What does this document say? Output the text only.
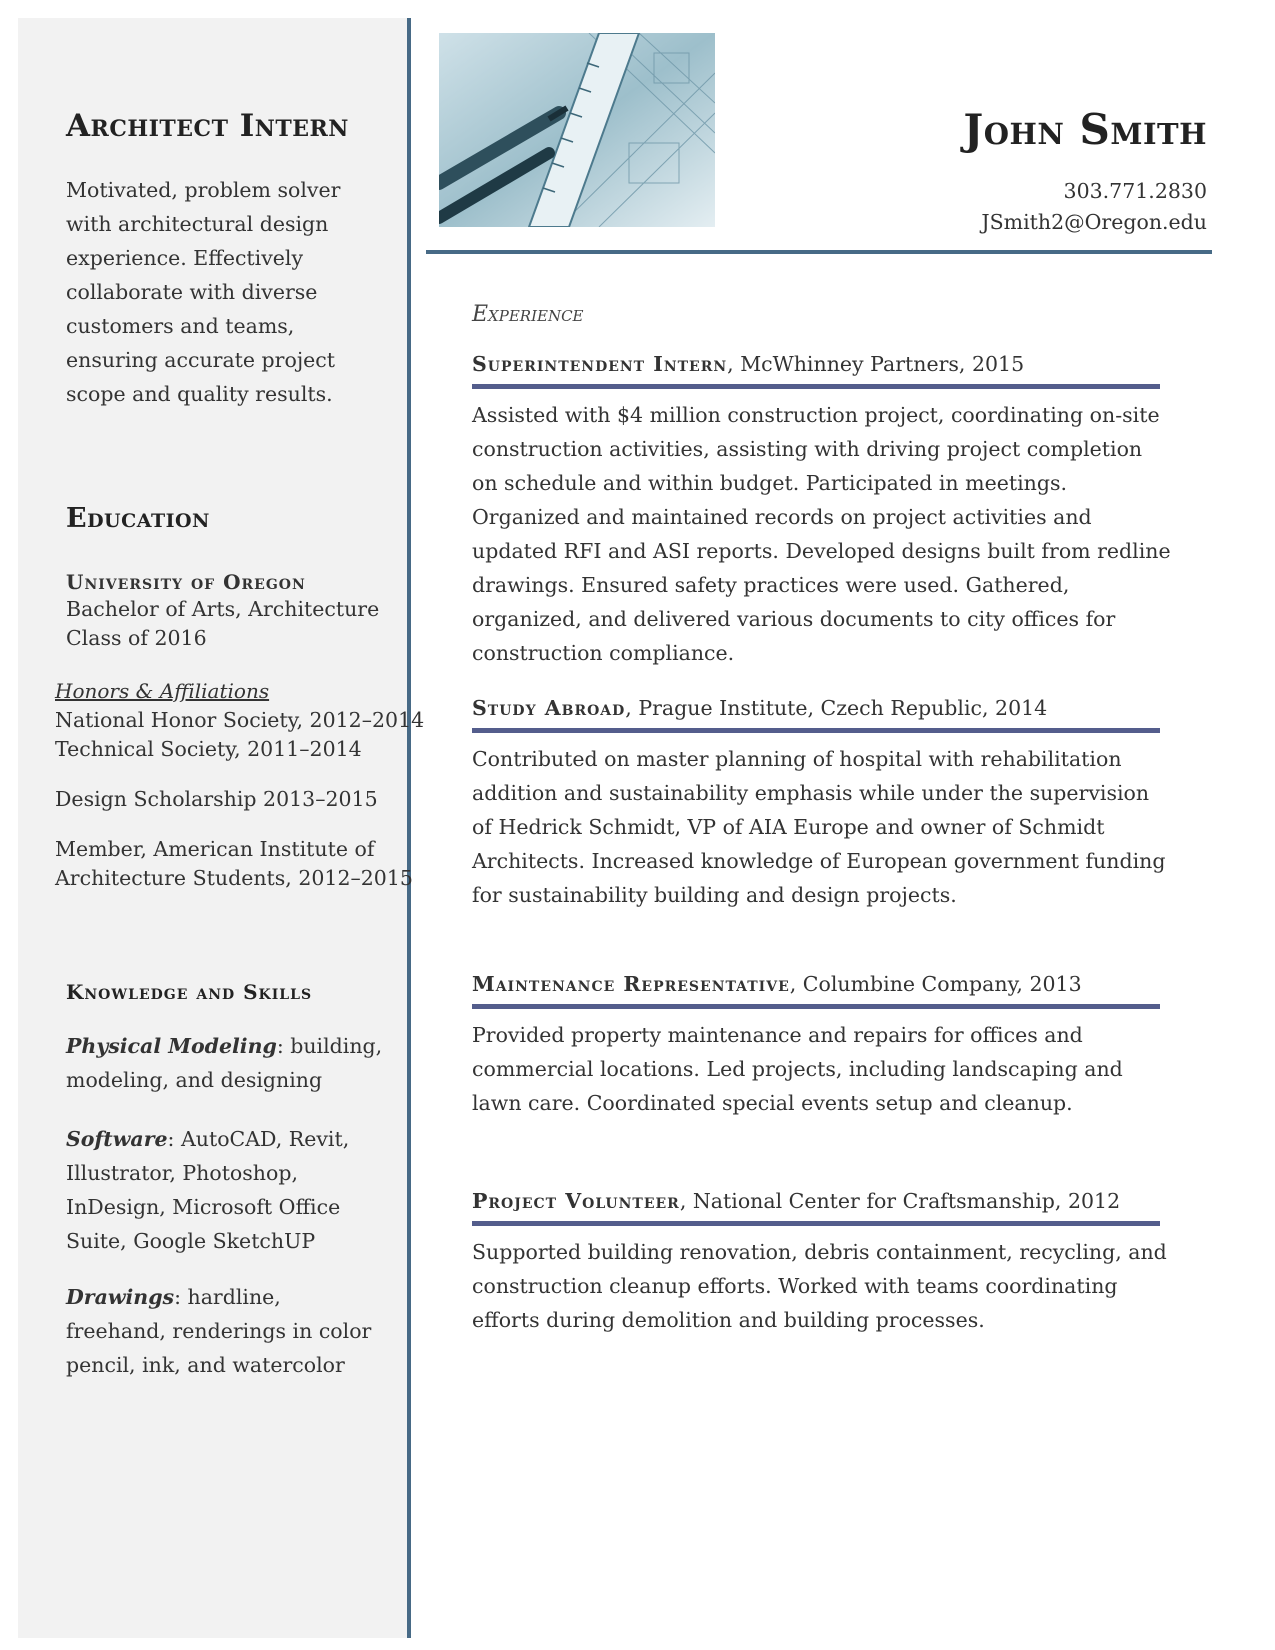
Architect Intern
Motivated, problem solver with architectural design experience. Effectively collaborate with diverse customers and teams, ensuring accurate project scope and quality results.
Education
University of Oregon
Bachelor of Arts, Architecture
Class of 2016
Honors & Affiliations
National Honor Society, 2012–2014
Technical Society, 2011–2014
Design Scholarship 2013–2015
Member, American Institute of
Architecture Students, 2012–2015
Knowledge and Skills
Physical Modeling: building, modeling, and designing
Software: AutoCAD, Revit, Illustrator, Photoshop, InDesign, Microsoft Office Suite, Google SketchUP
Drawings: hardline, freehand, renderings in color pencil, ink, and watercolor
John Smith
303.771.2830
JSmith2@Oregon.edu
Experience
Superintendent Intern, McWhinney Partners, 2015
Assisted with $4 million construction project, coordinating on-site construction activities, assisting with driving project completion on schedule and within budget. Participated in meetings. Organized and maintained records on project activities and updated RFI and ASI reports. Developed designs built from redline drawings. Ensured safety practices were used. Gathered, organized, and delivered various documents to city offices for construction compliance.
Study Abroad, Prague Institute, Czech Republic, 2014
Contributed on master planning of hospital with rehabilitation addition and sustainability emphasis while under the supervision of Hedrick Schmidt, VP of AIA Europe and owner of Schmidt Architects. Increased knowledge of European government funding for sustainability building and design projects.
Maintenance Representative, Columbine Company, 2013
Provided property maintenance and repairs for offices and commercial locations. Led projects, including landscaping and lawn care. Coordinated special events setup and cleanup.
Project Volunteer, National Center for Craftsmanship, 2012
Supported building renovation, debris containment, recycling, and construction cleanup efforts. Worked with teams coordinating efforts during demolition and building processes.
